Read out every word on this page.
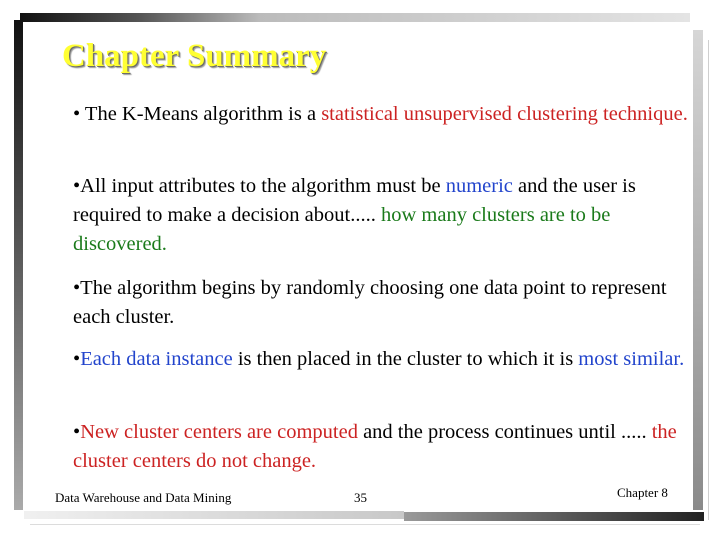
Chapter Summary

• The K-Means algorithm is a statistical unsupervised clustering technique.

•All input attributes to the algorithm must be numeric and the user is required to make a decision about..... how many clusters are to be discovered.

•The algorithm begins by randomly choosing one data point to represent each cluster.

•Each data instance is then placed in the cluster to which it is most similar.

•New cluster centers are computed and the process continues until ..... the cluster centers do not change.

Data Warehouse and Data Mining	35	Chapter 8
